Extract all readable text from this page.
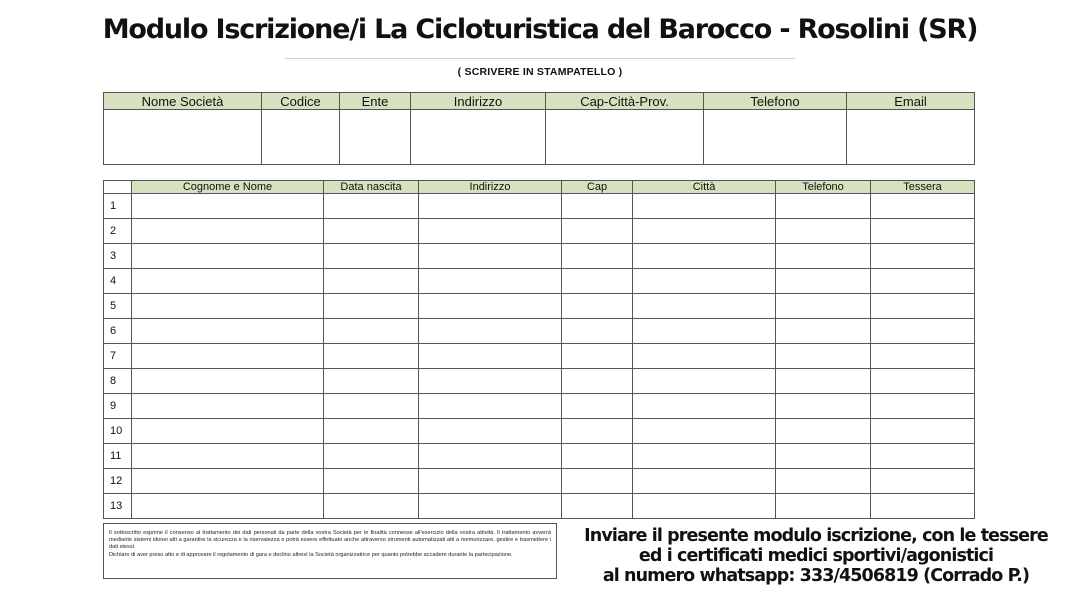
Modulo Iscrizione/i La Cicloturistica del Barocco - Rosolini (SR)
( SCRIVERE IN STAMPATELLO )
Nome Società	Codice	Ente	Indirizzo	Cap-Città-Prov.	Telefono	Email

	Cognome e Nome	Data nascita	Indirizzo	Cap	Città	Telefono	Tessera
1							
2							
3							
4							
5							
6							
7							
8							
9							
10							
11							
12							
13							

Il sottoscritto esprime il consenso al trattamento dei dati personali da parte della vostra Società per le finalità connesse all'esercizio della vostra attività. Il trattamento avverrà mediante sistemi idonei atti a garantire la sicurezza e la riservatezza e potrà essere effettuato anche attraverso strumenti automatizzati atti a memorizzare, gestire e trasmettere i dati stessi.

Dichiaro di aver preso atto e di approvare il regolamento di gara e declino altresì la Società organizzatrice per quanto potrebbe accadere durante la partecipazione.

Inviare il presente modulo iscrizione, con le tessere
ed i certificati medici sportivi/agonistici
al numero whatsapp: 333/4506819 (Corrado P.)
